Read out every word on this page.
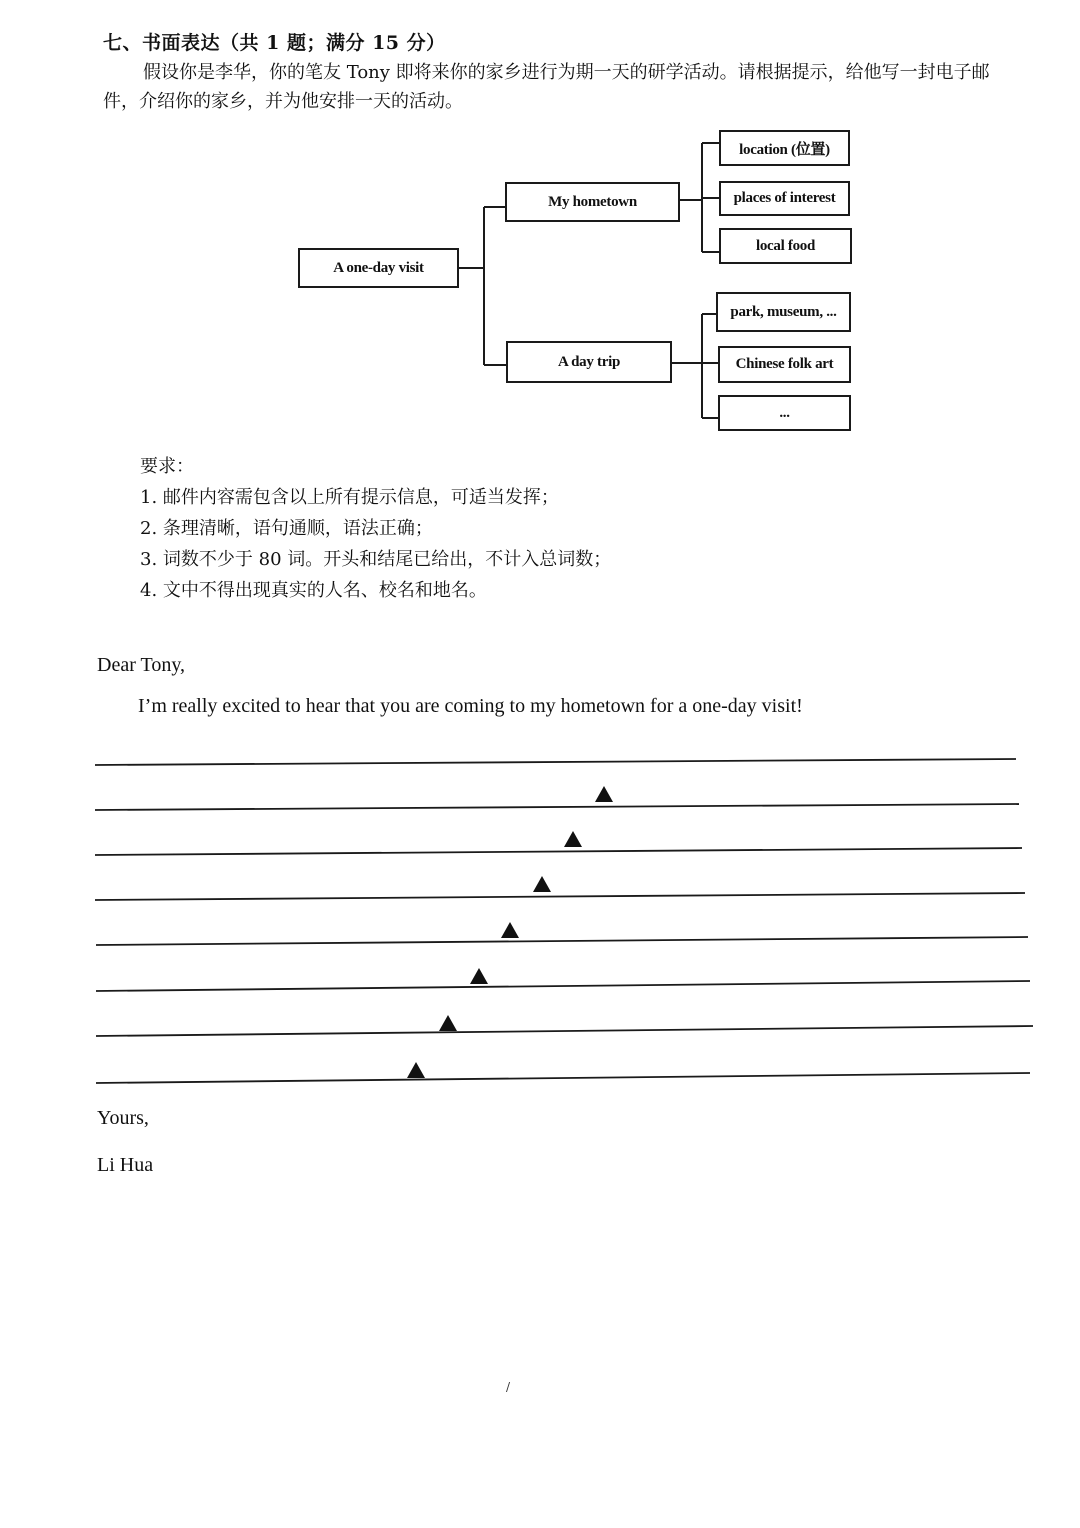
七、书面表达（共 1 题；满分 15 分）
假设你是李华，你的笔友 Tony 即将来你的家乡进行为期一天的研学活动。请根据提示，给他写一封电子邮件，介绍你的家乡，并为他安排一天的活动。
A one-day visit
My hometown
location (位置)
places of interest
local food
A day trip
park, museum, ...
Chinese folk art
...
要求：
1. 邮件内容需包含以上所有提示信息，可适当发挥；
2. 条理清晰，语句通顺，语法正确；
3. 词数不少于 80 词。开头和结尾已给出，不计入总词数；
4. 文中不得出现真实的人名、校名和地名。
Dear Tony,
I’m really excited to hear that you are coming to my hometown for a one-day visit!
Yours,
Li Hua
/
